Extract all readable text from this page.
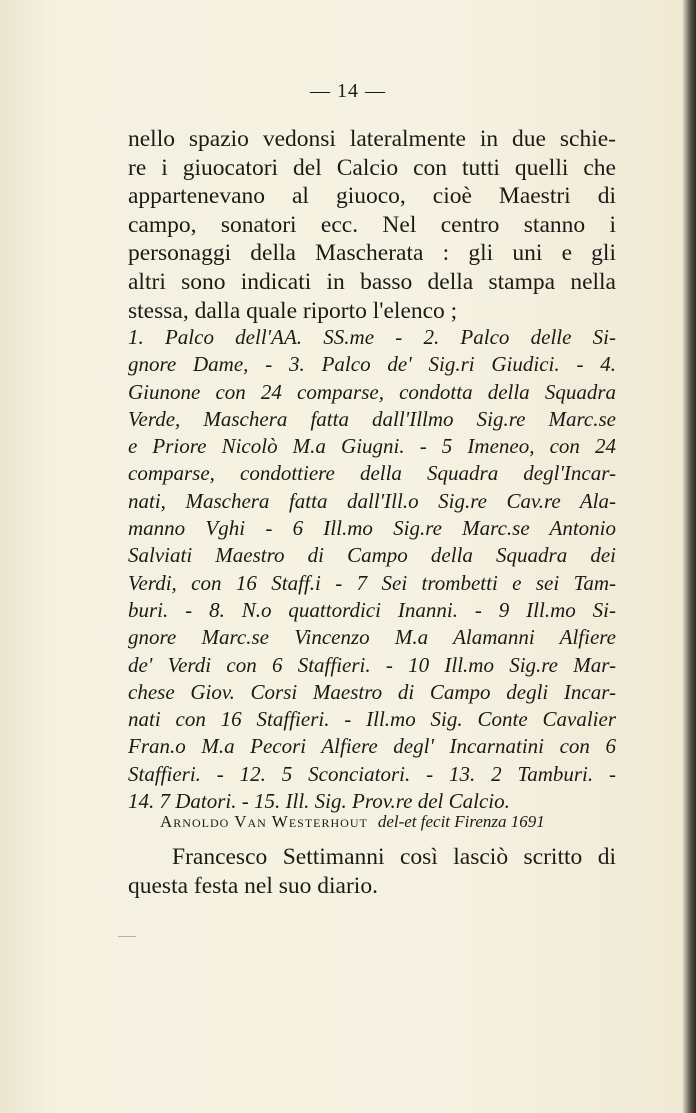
— 14 —
nello spazio vedonsi lateralmente in due schie-
re i giuocatori del Calcio con tutti quelli che
appartenevano al giuoco, cioè Maestri di
campo, sonatori ecc. Nel centro stanno i
personaggi della Mascherata : gli uni e gli
altri sono indicati in basso della stampa nella
stessa, dalla quale riporto l'elenco ;
1. Palco dell'AA. SS.me - 2. Palco delle Si-
gnore Dame, - 3. Palco de' Sig.ri Giudici. - 4.
Giunone con 24 comparse, condotta della Squadra
Verde, Maschera fatta dall'Illmo Sig.re Marc.se
e Priore Nicolò M.a Giugni. - 5 Imeneo, con 24
comparse, condottiere della Squadra degl'Incar-
nati, Maschera fatta dall'Ill.o Sig.re Cav.re Ala-
manno Vghi - 6 Ill.mo Sig.re Marc.se Antonio
Salviati Maestro di Campo della Squadra dei
Verdi, con 16 Staff.i - 7 Sei trombetti e sei Tam-
buri. - 8. N.o quattordici Inanni. - 9 Ill.mo Si-
gnore Marc.se Vincenzo M.a Alamanni Alfiere
de' Verdi con 6 Staffieri. - 10 Ill.mo Sig.re Mar-
chese Giov. Corsi Maestro di Campo degli Incar-
nati con 16 Staffieri. - Ill.mo Sig. Conte Cavalier
Fran.o M.a Pecori Alfiere degl' Incarnatini con 6
Staffieri. - 12. 5 Sconciatori. - 13. 2 Tamburi. -
14. 7 Datori. - 15. Ill. Sig. Prov.re del Calcio.
Arnoldo Van Westerhout del-et fecit Firenza 1691
Francesco Settimanni così lasciò scritto di
questa festa nel suo diario.
